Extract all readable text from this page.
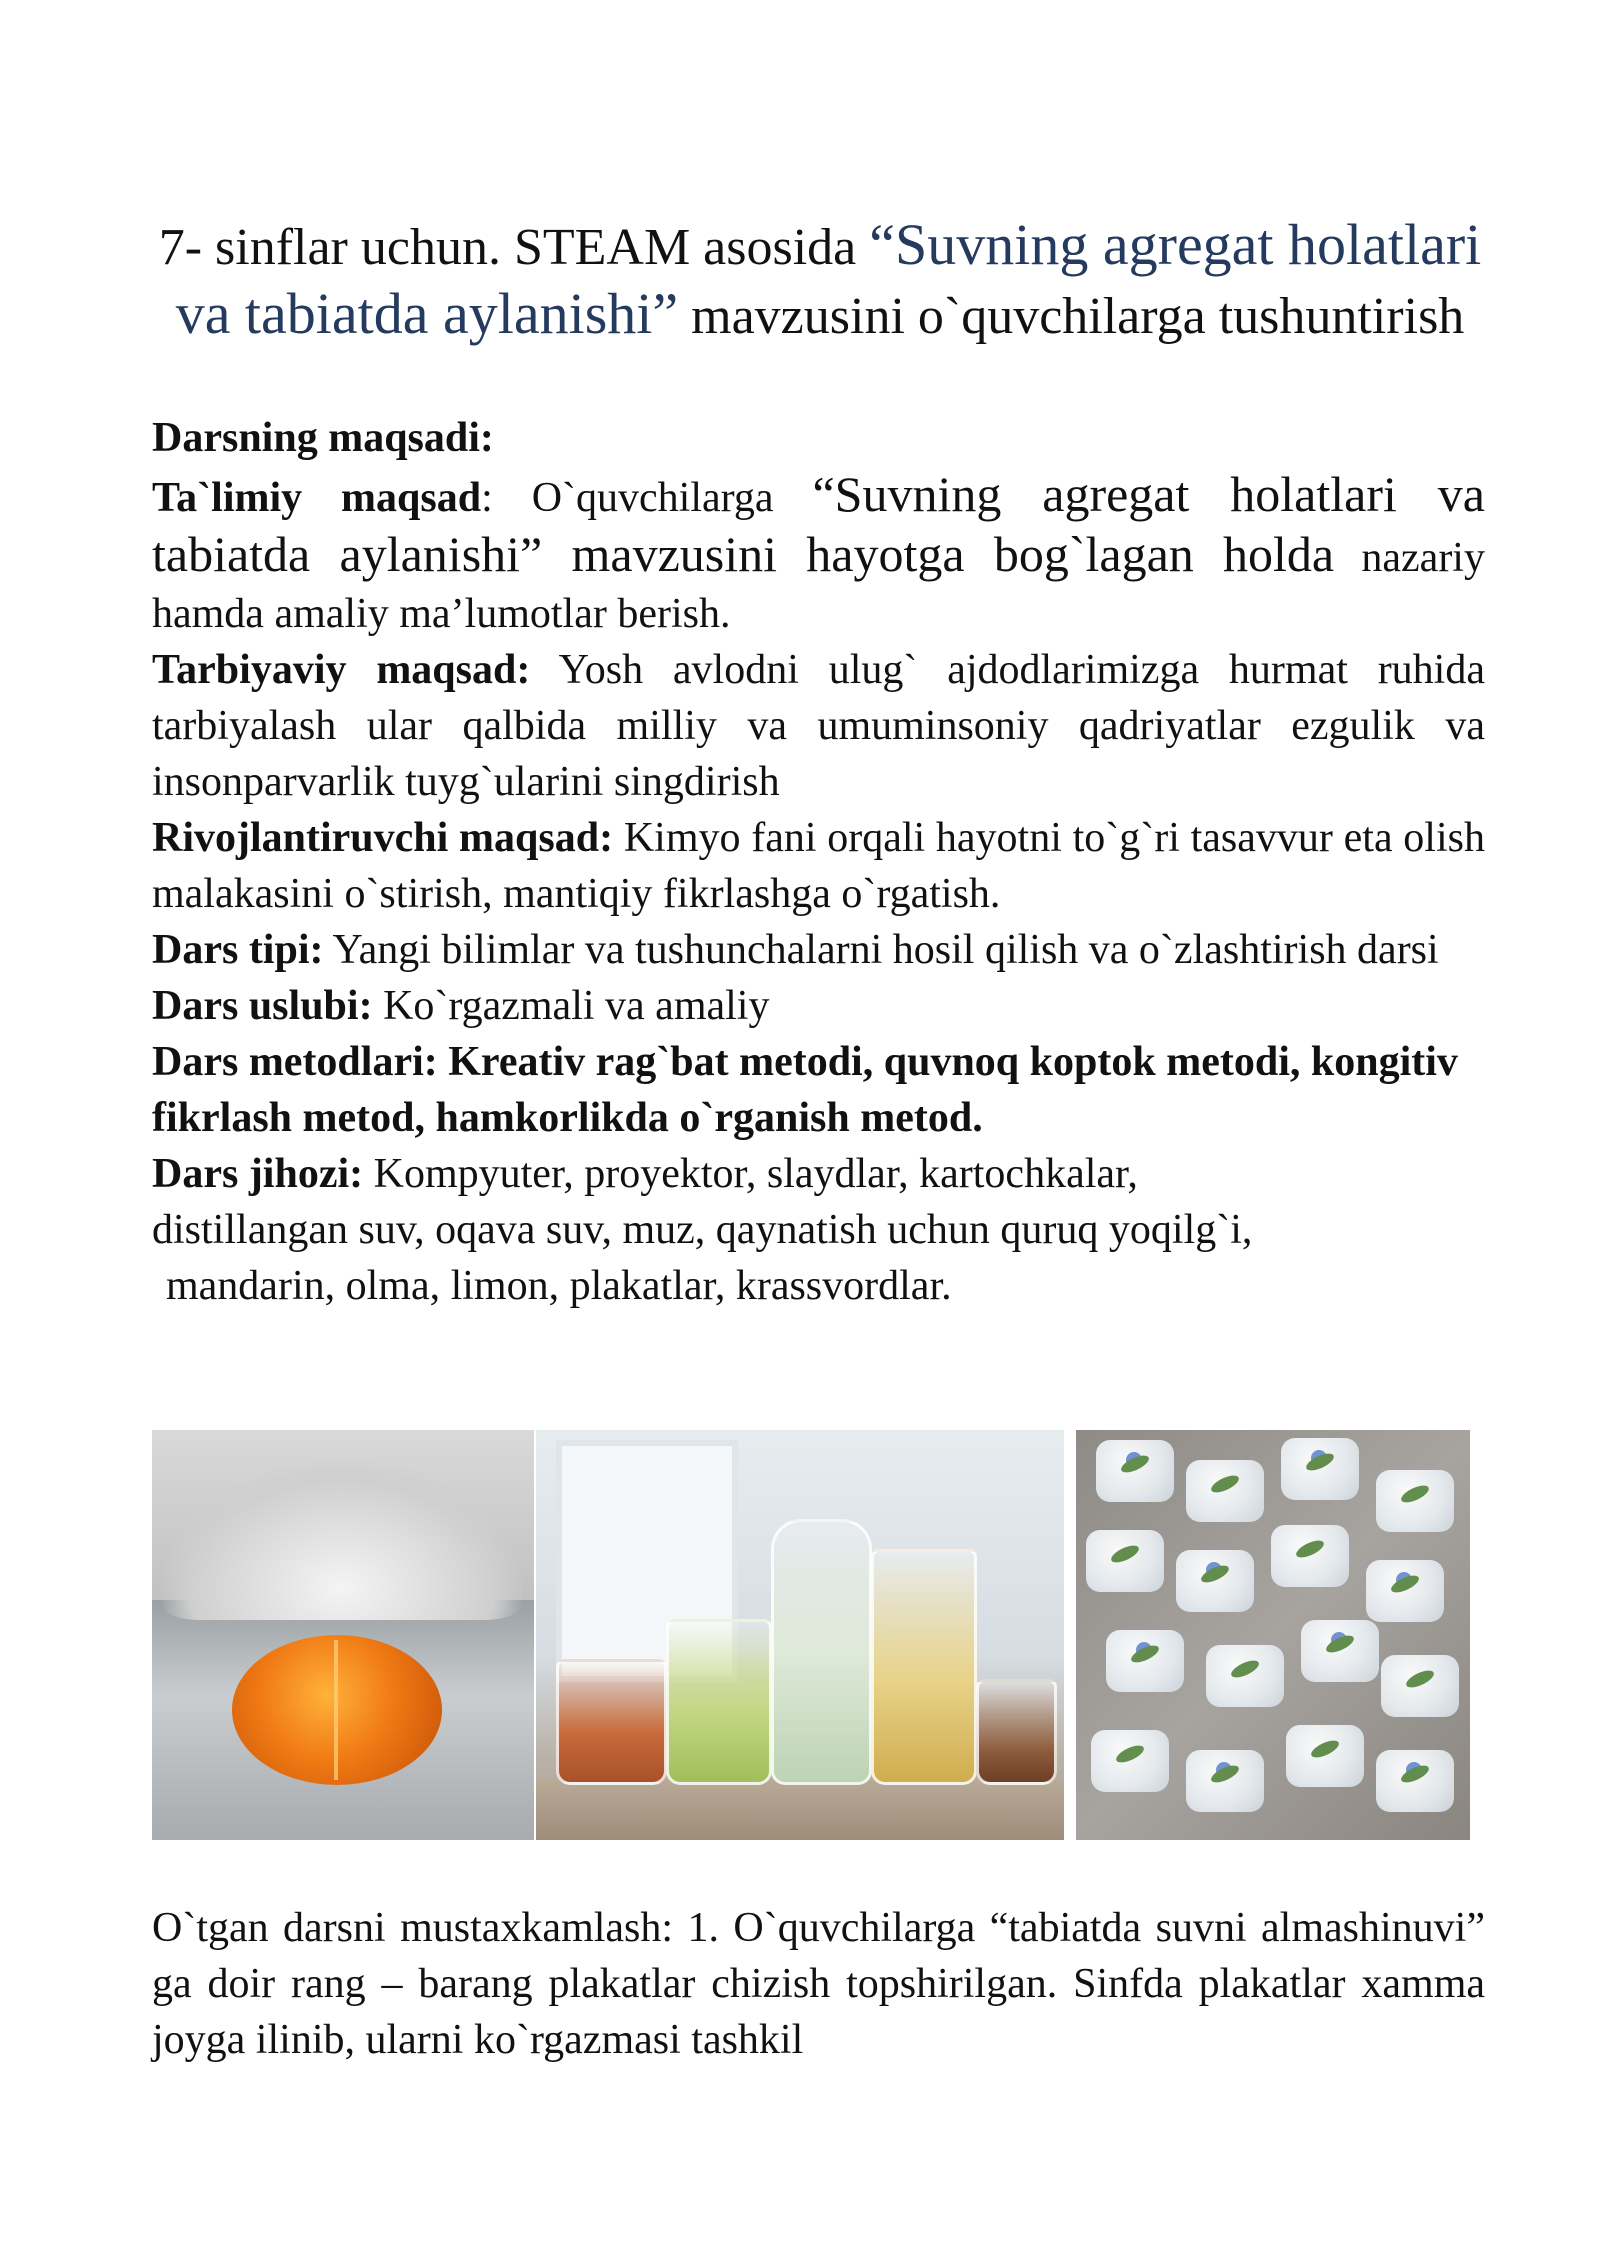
7- sinflar uchun. STEAM asosida “Suvning agregat holatlari va tabiatda aylanishi” mavzusini o`quvchilarga tushuntirish

Darsning maqsadi:

Ta`limiy maqsad: O`quvchilarga “Suvning agregat holatlari va tabiatda aylanishi” mavzusini hayotga bog`lagan holda nazariy hamda amaliy ma’lumotlar berish.

Tarbiyaviy maqsad: Yosh avlodni ulug` ajdodlarimizga hurmat ruhida tarbiyalash ular qalbida milliy va umuminsoniy qadriyatlar ezgulik va insonparvarlik tuyg`ularini singdirish

Rivojlantiruvchi maqsad: Kimyo fani orqali hayotni to`g`ri tasavvur eta olish malakasini o`stirish, mantiqiy fikrlashga o`rgatish.

Dars tipi: Yangi bilimlar va tushunchalarni hosil qilish va o`zlashtirish darsi

Dars uslubi: Ko`rgazmali va amaliy

Dars metodlari: Kreativ rag`bat metodi, quvnoq koptok metodi, kongitiv fikrlash metod, hamkorlikda o`rganish metod.

Dars jihozi: Kompyuter, proyektor, slaydlar, kartochkalar,

distillangan suv, oqava suv, muz, qaynatish uchun quruq yoqilg`i,

mandarin, olma, limon, plakatlar, krassvordlar.

O`tgan darsni mustaxkamlash: 1. O`quvchilarga “tabiatda suvni almashinuvi” ga doir rang – barang plakatlar chizish topshirilgan. Sinfda plakatlar xamma joyga ilinib, ularni ko`rgazmasi tashkil
